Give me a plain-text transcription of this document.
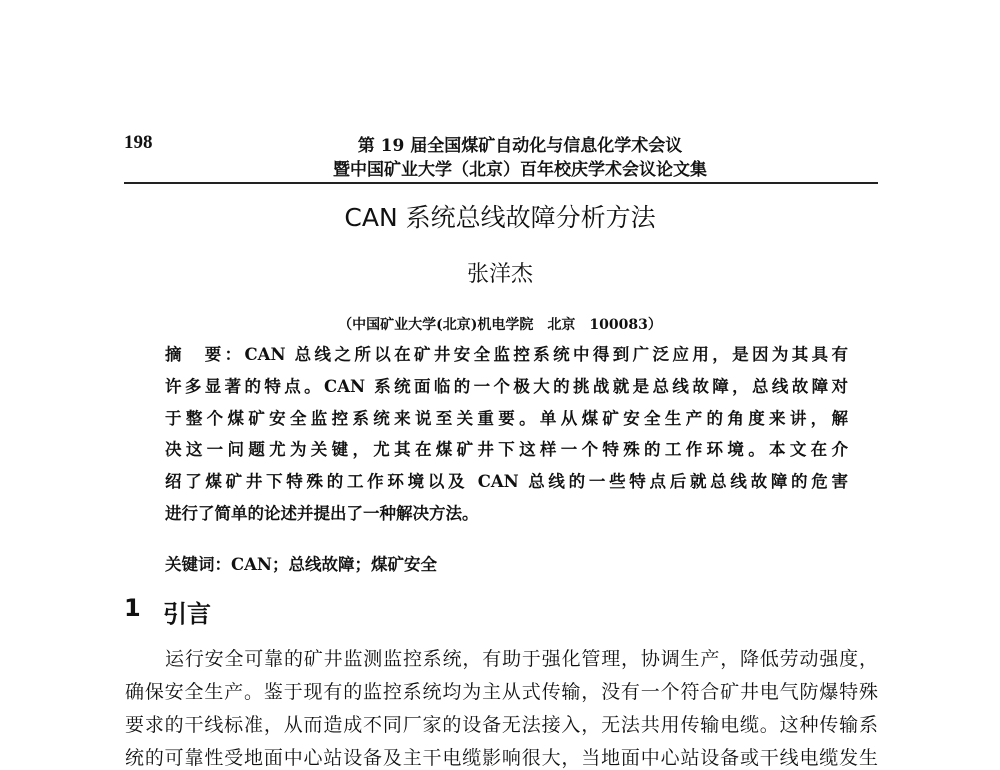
198	第 19 届全国煤矿自动化与信息化学术会议
暨中国矿业大学（北京）百年校庆学术会议论文集
CAN 系统总线故障分析方法
张洋杰
（中国矿业大学(北京)机电学院　北京　100083）
摘　要：CAN 总线之所以在矿井安全监控系统中得到广泛应用，是因为其具有
许多显著的特点。CAN 系统面临的一个极大的挑战就是总线故障，总线故障对
于整个煤矿安全监控系统来说至关重要。单从煤矿安全生产的角度来讲，解
决这一问题尤为关键，尤其在煤矿井下这样一个特殊的工作环境。本文在介
绍了煤矿井下特殊的工作环境以及 CAN 总线的一些特点后就总线故障的危害
进行了简单的论述并提出了一种解决方法。
关键词：CAN；总线故障；煤矿安全
1 引言
运行安全可靠的矿井监测监控系统，有助于强化管理，协调生产，降低劳动强度，
确保安全生产。鉴于现有的监控系统均为主从式传输，没有一个符合矿井电气防爆特殊
要求的干线标准，从而造成不同厂家的设备无法接入，无法共用传输电缆。这种传输系
统的可靠性受地面中心站设备及主干电缆影响很大，当地面中心站设备或干线电缆发生
